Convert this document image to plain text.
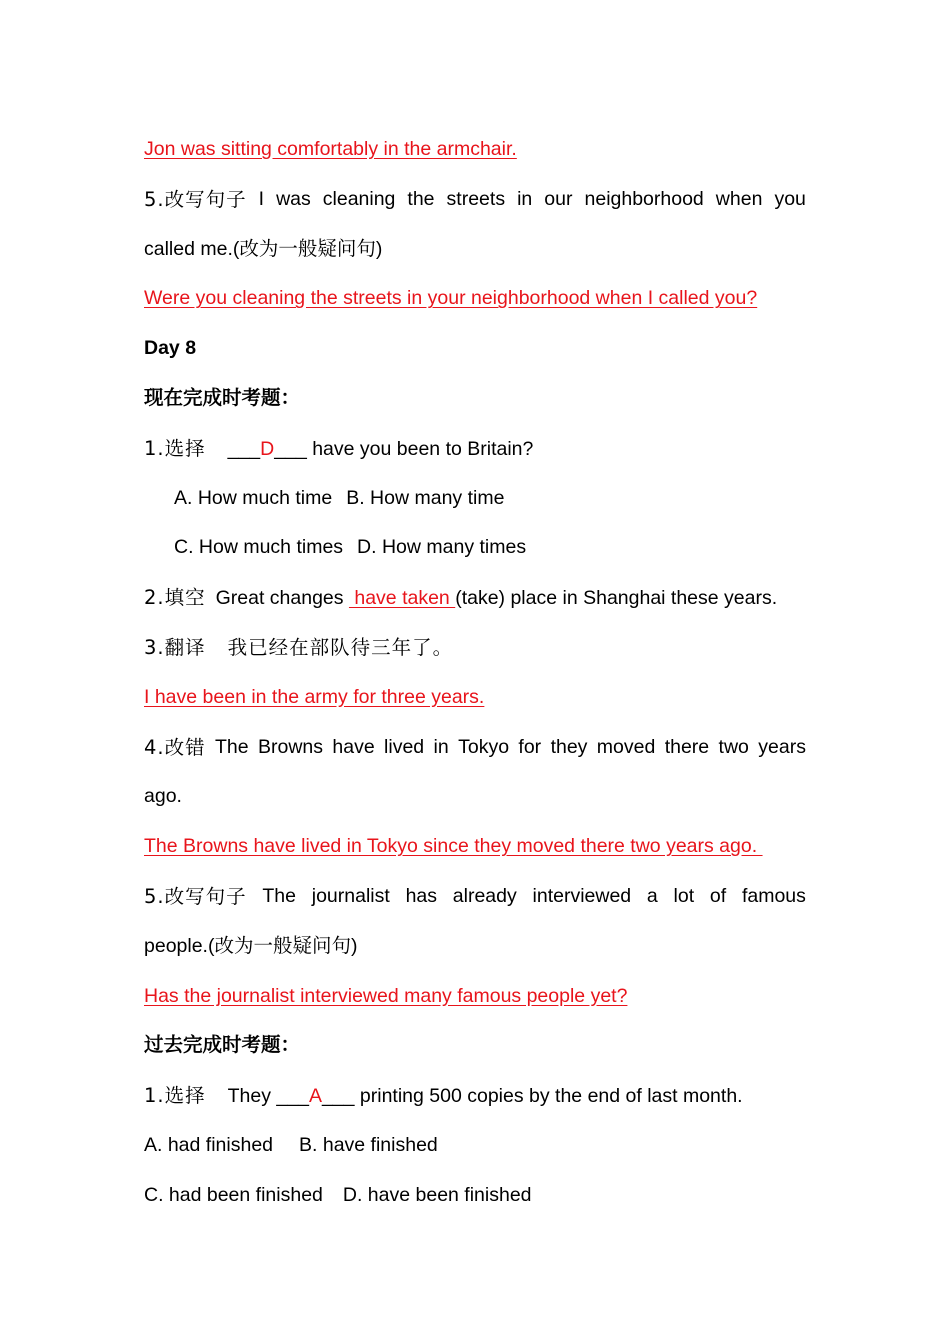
Jon was sitting comfortably in the armchair.
5.改写句子 I was cleaning the streets in our neighborhood when you
called me.(改为一般疑问句)
Were you cleaning the streets in your neighborhood when I called you?
Day 8
现在完成时考题：
1.选择 ___D___ have you been to Britain?
A. How much time B. How many time
C. How much times D. How many times
2.填空 Great changes  have taken (take) place in Shanghai these years.
3.翻译 我已经在部队待三年了。
I have been in the army for three years.
4.改错 The Browns have lived in Tokyo for they moved there two years
ago.
The Browns have lived in Tokyo since they moved there two years ago.
5.改写句子 The journalist has already interviewed a lot of famous
people.(改为一般疑问句)
Has the journalist interviewed many famous people yet?
过去完成时考题：
1.选择 They ___A___ printing 500 copies by the end of last month.
A. had finished B. have finished
C. had been finished D. have been finished
